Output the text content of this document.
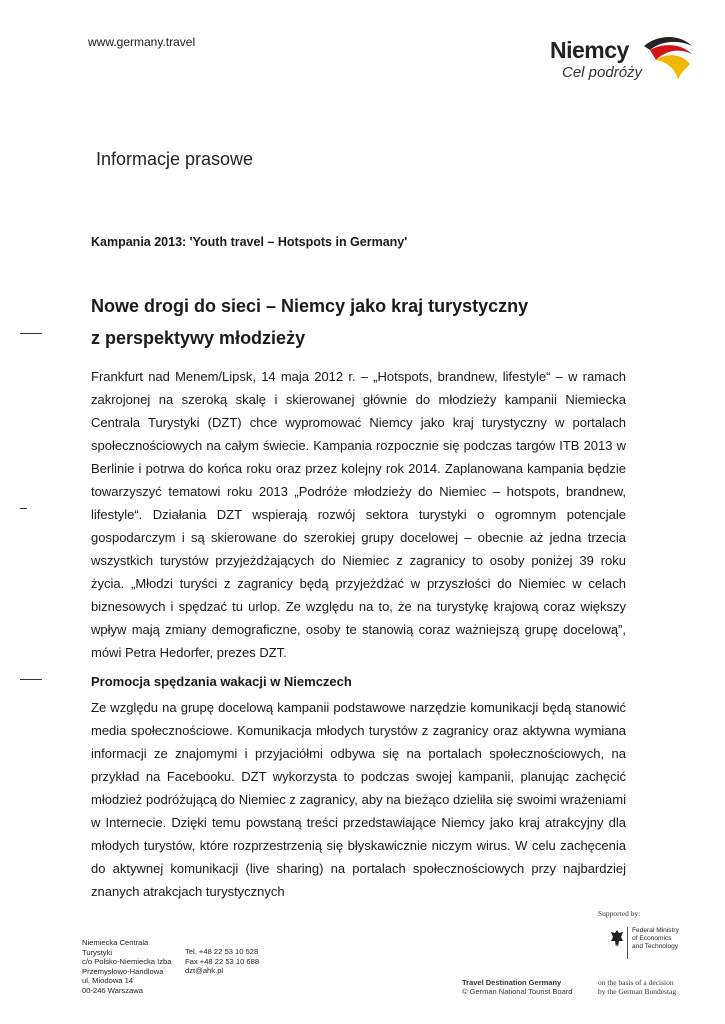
www.germany.travel	Niemcy
Cel podróży
Informacje prasowe
Kampania 2013: 'Youth travel – Hotspots in Germany'
Nowe drogi do sieci – Niemcy jako kraj turystyczny
z perspektywy młodzieży

Frankfurt nad Menem/Lipsk, 14 maja 2012 r. – „Hotspots, brandnew, lifestyle“ – w ramach zakrojonej na szeroką skalę i skierowanej głównie do młodzieży kampanii Niemiecka Centrala Turystyki (DZT) chce wypromować Niemcy jako kraj turystyczny w portalach społecznościowych na całym świecie. Kampania rozpocznie się podczas targów ITB 2013 w Berlinie i potrwa do końca roku oraz przez kolejny rok 2014. Zaplanowana kampania będzie towarzyszyć tematowi roku 2013 „Podróże młodzieży do Niemiec – hotspots, brandnew, lifestyle“. Działania DZT wspierają rozwój sektora turystyki o ogromnym potencjale gospodarczym i są skierowane do szerokiej grupy docelowej – obecnie aż jedna trzecia wszystkich turystów przyjeżdżających do Niemiec z zagranicy to osoby poniżej 39 roku życia. „Młodzi turyści z zagranicy będą przyjeżdżać w przyszłości do Niemiec w celach biznesowych i spędzać tu urlop. Ze względu na to, że na turystykę krajową coraz większy wpływ mają zmiany demograficzne, osoby te stanowią coraz ważniejszą grupę docelową”, mówi Petra Hedorfer, prezes DZT.

Promocja spędzania wakacji w Niemczech

Ze względu na grupę docelową kampanii podstawowe narzędzie komunikacji będą stanowić media społecznościowe. Komunikacja młodych turystów z zagranicy oraz aktywna wymiana informacji ze znajomymi i przyjaciółmi odbywa się na portalach społecznościowych, na przykład na Facebooku. DZT wykorzysta to podczas swojej kampanii, planując zachęcić młodzież podróżującą do Niemiec z zagranicy, aby na bieżąco dzieliła się swoimi wrażeniami w Internecie. Dzięki temu powstaną treści przedstawiające Niemcy jako kraj atrakcyjny dla młodych turystów, które rozprzestrzenią się błyskawicznie niczym wirus. W celu zachęcenia do aktywnej komunikacji (live sharing) na portalach społecznościowych przy najbardziej znanych atrakcjach turystycznych

Niemiecka Centrala
Turystyki
c/o Polsko-Niemiecka Izba
Przemysłowo-Handlowa
ul. Miodowa 14
00-246 Warszawa
Tel. +48 22 53 10 528
Fax +48 22 53 10 688
dzt@ahk.pl
Travel Destination Germany
© German National Tourist Board
Supported by:
Federal Ministry
of Economics
and Technology
on the basis of a decision
by the German Bundestag
